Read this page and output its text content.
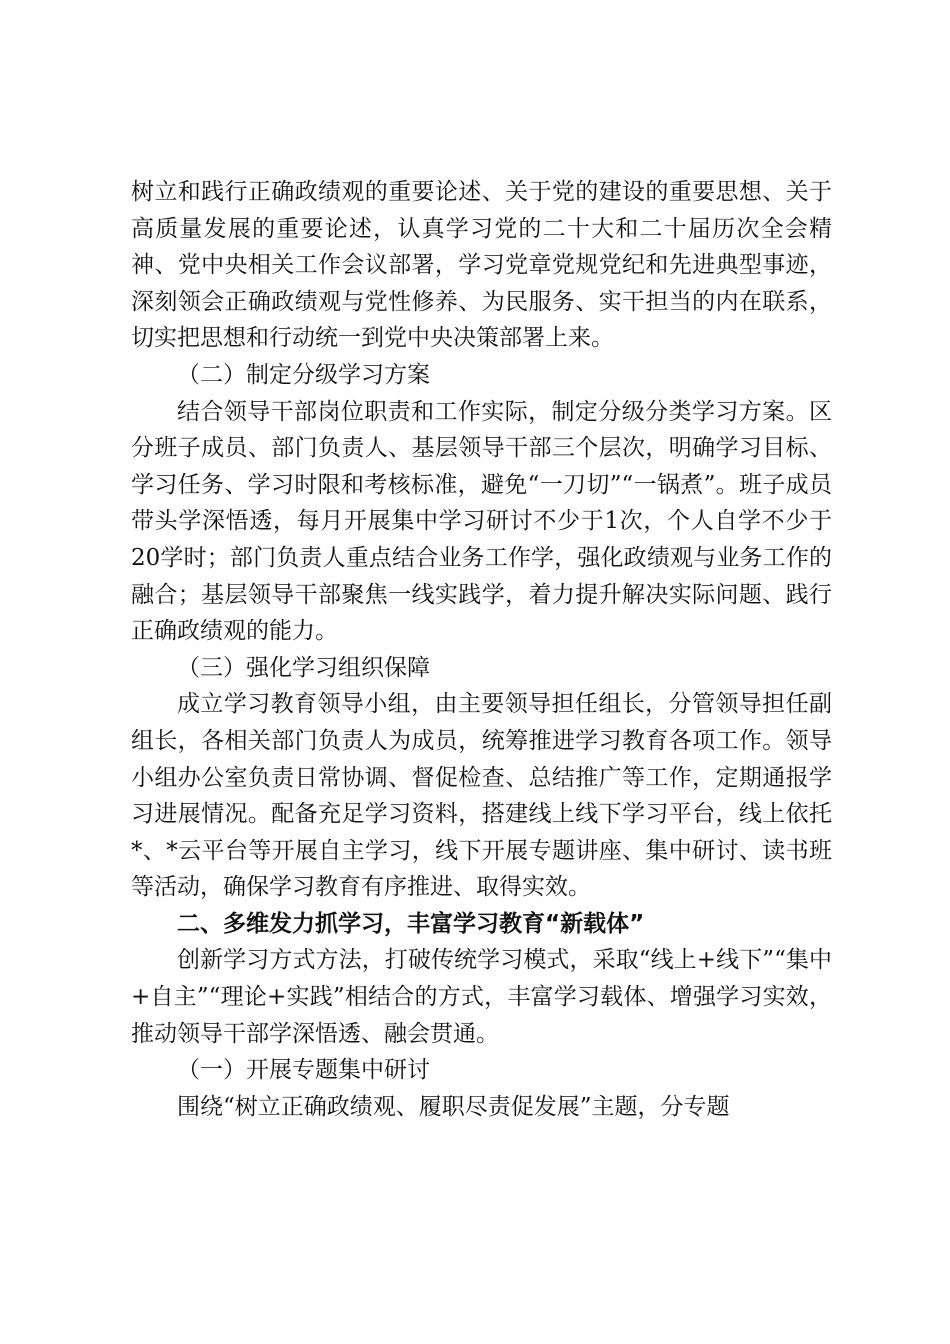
树立和践行正确政绩观的重要论述、关于党的建设的重要思想、关于高质量发展的重要论述，认真学习党的二十大和二十届历次全会精神、党中央相关工作会议部署，学习党章党规党纪和先进典型事迹，深刻领会正确政绩观与党性修养、为民服务、实干担当的内在联系，切实把思想和行动统一到党中央决策部署上来。

（二）制定分级学习方案

结合领导干部岗位职责和工作实际，制定分级分类学习方案。区分班子成员、部门负责人、基层领导干部三个层次，明确学习目标、学习任务、学习时限和考核标准，避免“一刀切”“一锅煮”。班子成员带头学深悟透，每月开展集中学习研讨不少于1次，个人自学不少于20学时；部门负责人重点结合业务工作学，强化政绩观与业务工作的融合；基层领导干部聚焦一线实践学，着力提升解决实际问题、践行正确政绩观的能力。

（三）强化学习组织保障

成立学习教育领导小组，由主要领导担任组长，分管领导担任副组长，各相关部门负责人为成员，统筹推进学习教育各项工作。领导小组办公室负责日常协调、督促检查、总结推广等工作，定期通报学习进展情况。配备充足学习资料，搭建线上线下学习平台，线上依托*、*云平台等开展自主学习，线下开展专题讲座、集中研讨、读书班等活动，确保学习教育有序推进、取得实效。

二、多维发力抓学习，丰富学习教育“新载体”

创新学习方式方法，打破传统学习模式，采取“线上+线下”“集中+自主”“理论+实践”相结合的方式，丰富学习载体、增强学习实效，推动领导干部学深悟透、融会贯通。

（一）开展专题集中研讨

围绕“树立正确政绩观、履职尽责促发展”主题，分专题
